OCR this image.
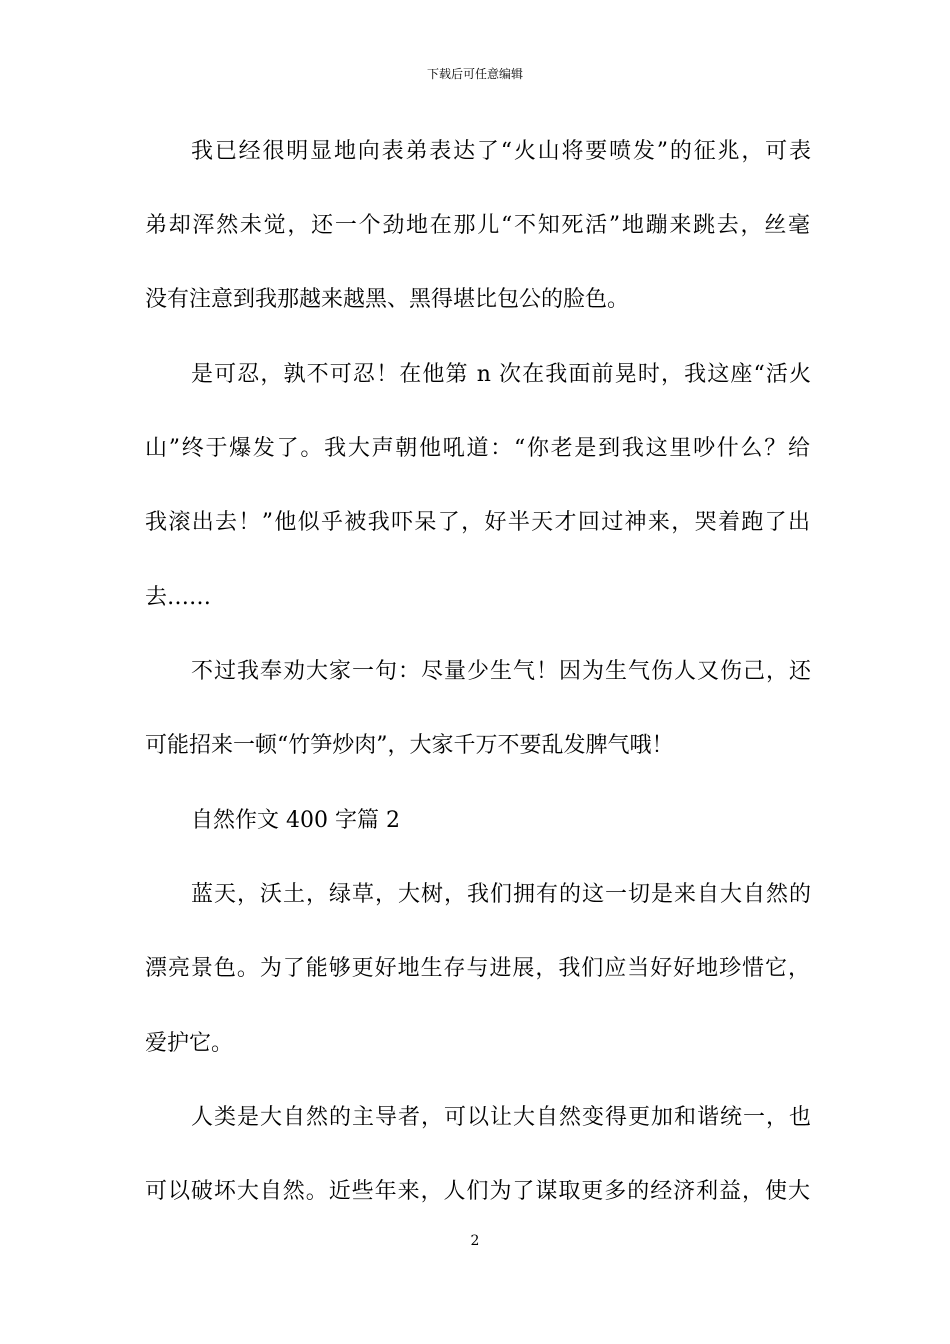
下载后可任意编辑
我已经很明显地向表弟表达了“火山将要喷发”的征兆，可表
弟却浑然未觉，还一个劲地在那儿“不知死活”地蹦来跳去，丝毫
没有注意到我那越来越黑、黑得堪比包公的脸色。
是可忍，孰不可忍！在他第 n 次在我面前晃时，我这座“活火
山”终于爆发了。我大声朝他吼道：“你老是到我这里吵什么？给
我滚出去！”他似乎被我吓呆了，好半天才回过神来，哭着跑了出
去……
不过我奉劝大家一句：尽量少生气！因为生气伤人又伤己，还
可能招来一顿“竹笋炒肉”，大家千万不要乱发脾气哦！
自然作文 400 字篇 2
蓝天，沃土，绿草，大树，我们拥有的这一切是来自大自然的
漂亮景色。为了能够更好地生存与进展，我们应当好好地珍惜它，
爱护它。
人类是大自然的主导者，可以让大自然变得更加和谐统一，也
可以破坏大自然。近些年来，人们为了谋取更多的经济利益，使大
2
